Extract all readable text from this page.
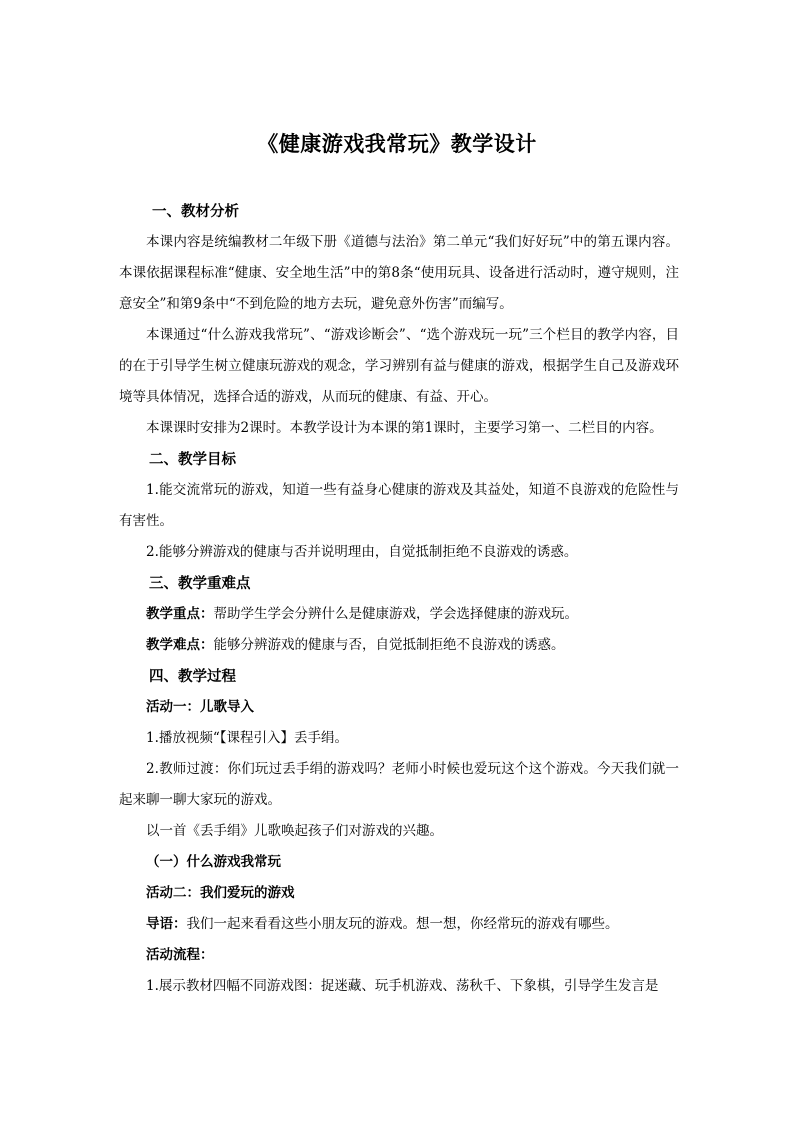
《健康游戏我常玩》教学设计

一、教材分析

本课内容是统编教材二年级下册《道德与法治》第二单元“我们好好玩”中的第五课内容。本课依据课程标准“健康、安全地生活”中的第8条“使用玩具、设备进行活动时，遵守规则，注意安全”和第9条中“不到危险的地方去玩，避免意外伤害”而编写。

本课通过“什么游戏我常玩”、“游戏诊断会”、“选个游戏玩一玩”三个栏目的教学内容，目的在于引导学生树立健康玩游戏的观念，学习辨别有益与健康的游戏，根据学生自己及游戏环境等具体情况，选择合适的游戏，从而玩的健康、有益、开心。

本课课时安排为2课时。本教学设计为本课的第1课时，主要学习第一、二栏目的内容。

二、教学目标

1.能交流常玩的游戏，知道一些有益身心健康的游戏及其益处，知道不良游戏的危险性与有害性。

2.能够分辨游戏的健康与否并说明理由，自觉抵制拒绝不良游戏的诱惑。

三、教学重难点

教学重点：帮助学生学会分辨什么是健康游戏，学会选择健康的游戏玩。

教学难点：能够分辨游戏的健康与否，自觉抵制拒绝不良游戏的诱惑。

四、教学过程

活动一：儿歌导入

1.播放视频“【课程引入】丢手绢。

2.教师过渡：你们玩过丢手绢的游戏吗？老师小时候也爱玩这个这个游戏。今天我们就一起来聊一聊大家玩的游戏。

以一首《丢手绢》儿歌唤起孩子们对游戏的兴趣。

（一）什么游戏我常玩

活动二：我们爱玩的游戏

导语：我们一起来看看这些小朋友玩的游戏。想一想，你经常玩的游戏有哪些。

活动流程：

1.展示教材四幅不同游戏图：捉迷藏、玩手机游戏、荡秋千、下象棋，引导学生发言是
